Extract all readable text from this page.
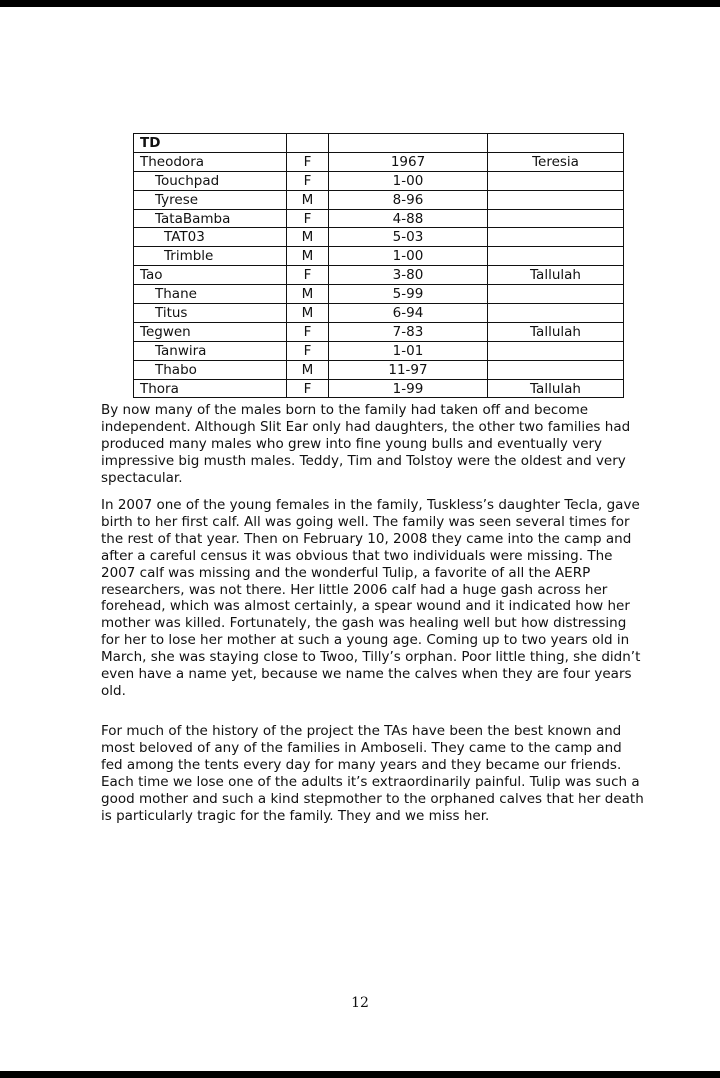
TD			
Theodora	F	1967	Teresia
Touchpad	F	1-00	
Tyrese	M	8-96	
TataBamba	F	4-88	
TAT03	M	5-03	
Trimble	M	1-00	
Tao	F	3-80	Tallulah
Thane	M	5-99	
Titus	M	6-94	
Tegwen	F	7-83	Tallulah
Tanwira	F	1-01	
Thabo	M	11-97	
Thora	F	1-99	Tallulah

By now many of the males born to the family had taken off and become independent. Although Slit Ear only had daughters, the other two families had produced many males who grew into fine young bulls and eventually very impressive big musth males. Teddy, Tim and Tolstoy were the oldest and very spectacular.

In 2007 one of the young females in the family, Tuskless’s daughter Tecla, gave birth to her first calf. All was going well. The family was seen several times for the rest of that year. Then on February 10, 2008 they came into the camp and after a careful census it was obvious that two individuals were missing. The 2007 calf was missing and the wonderful Tulip, a favorite of all the AERP researchers, was not there. Her little 2006 calf had a huge gash across her forehead, which was almost certainly, a spear wound and it indicated how her mother was killed. Fortunately, the gash was healing well but how distressing for her to lose her mother at such a young age. Coming up to two years old in March, she was staying close to Twoo, Tilly’s orphan. Poor little thing, she didn’t even have a name yet, because we name the calves when they are four years old.

For much of the history of the project the TAs have been the best known and most beloved of any of the families in Amboseli. They came to the camp and fed among the tents every day for many years and they became our friends. Each time we lose one of the adults it’s extraordinarily painful. Tulip was such a good mother and such a kind stepmother to the orphaned calves that her death is particularly tragic for the family. They and we miss her.

12
